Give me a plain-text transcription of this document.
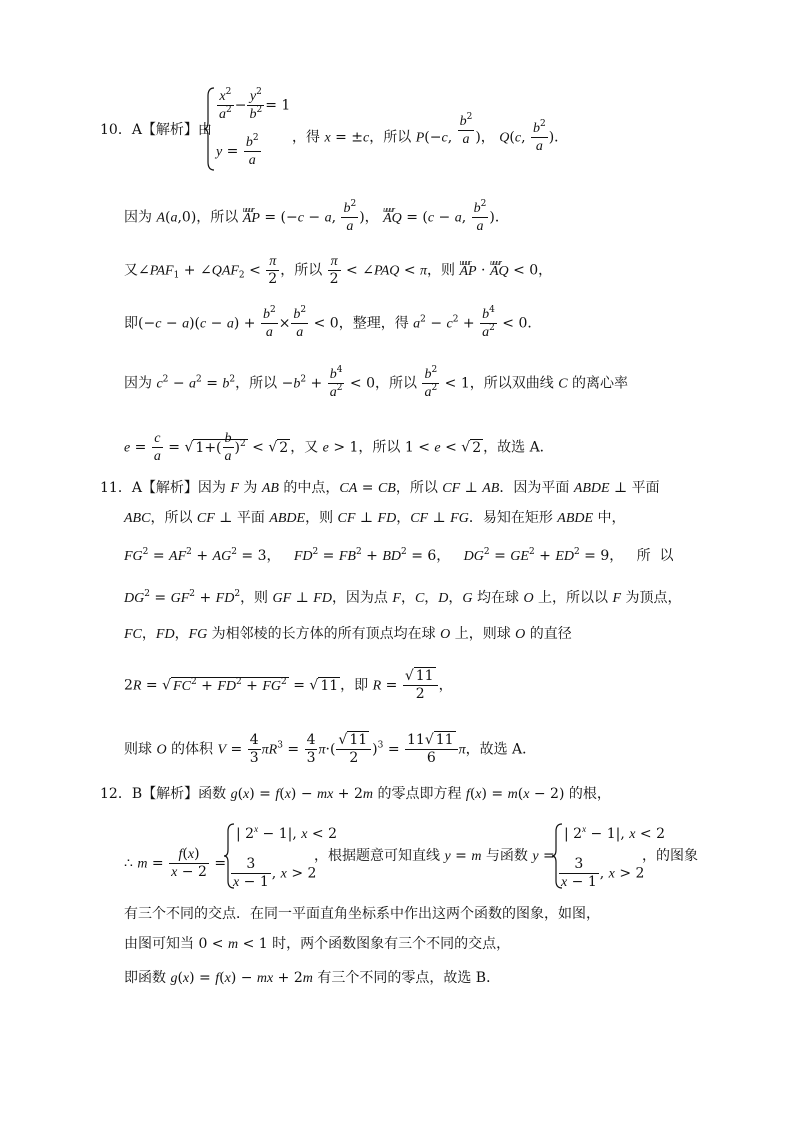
10．A【解析】由
$\frac{x^2}{a^2} - \frac{y^2}{b^2} = 1$
$y = \frac{b^2}{a}$ ，得 x = ±c，所以 P(−c, $\frac{b^2}{a}$ )， Q(c, $\frac{b^2}{a}$ )．
因为 A(a,0)，所以 uuur AP = (−c − a, $\frac{b^2}{a}$ )， uuur AQ = (c − a, $\frac{b^2}{a}$ )．
又$\angle PAF_1$ + $\angle QAF_2 < \frac{\pi}{2}$ ，所以 $\frac{\pi}{2}$ < ∠PAQ < π，则 uuur AP · uuur AQ < 0，
即$(-c - a)(c - a) + \frac{b^2}{a} \times \frac{b^2}{a} < 0$，整理，得 $a^2 - c^2 + \frac{b^4}{a^2} < 0$．
因为 $c^2 - a^2 = b^2$，所以 $-b^2 + \frac{b^4}{a^2} < 0$，所以 $\frac{b^2}{a^2} < 1$，所以双曲线 C 的离心率
$e = \frac{c}{a}$ = √ $1+( \frac{b}{a} )^2$ < √ 2 ，又 e > 1，所以 1 < e < √ 2 ，故选 A．
11．A【解析】因为 F 为 AB 的中点，CA = CB，所以 CF ⊥ AB．因为平面 ABDE ⊥ 平面
ABC，所以 CF ⊥ 平面 ABDE，则 CF ⊥ FD，CF ⊥ FG．易知在矩形 ABDE 中，
$FG^2 = AF^2 + AG^2 = 3$，   $FD^2 = FB^2 + BD^2 = 6$，   $DG^2 = GE^2 + ED^2 = 9$，   所  以
$DG^2 = GF^2 + FD^2$，则 GF ⊥ FD，因为点 F，C，D，G 均在球 O 上，所以以 F 为顶点，
FC，FD，FG 为相邻棱的长方体的所有顶点均在球 O 上，则球 O 的直径
2R = √ $FC^2 + FD^2 + FG^2$ = √ 11 ，即 $R = \frac{√ 11}{2}$ ，
则球 O 的体积 $V = \frac{4}{3} \pi R^3 = \frac{4}{3} \pi\cdot( \frac{√ 11}{2} )^3 = \frac{11√ 11}{6}$ π，故选 A．
12．B【解析】函数 g(x) = f(x) − mx + 2m 的零点即方程 f(x) = m(x − 2) 的根，
∴ $m = \frac{f(x)}{x - 2}$ =
| $2^x - 1|$, x < 2
$\frac{3}{x - 1}$ , x > 2
，根据题意可知直线 y = m 与函数 y =
| $2^x - 1|$, x < 2
$\frac{3}{x - 1}$ , x > 2
，的图象
有三个不同的交点．在同一平面直角坐标系中作出这两个函数的图象，如图，
由图可知当 0 < m < 1 时，两个函数图象有三个不同的交点，
即函数 g(x) = f(x) − mx + 2m 有三个不同的零点，故选 B．
